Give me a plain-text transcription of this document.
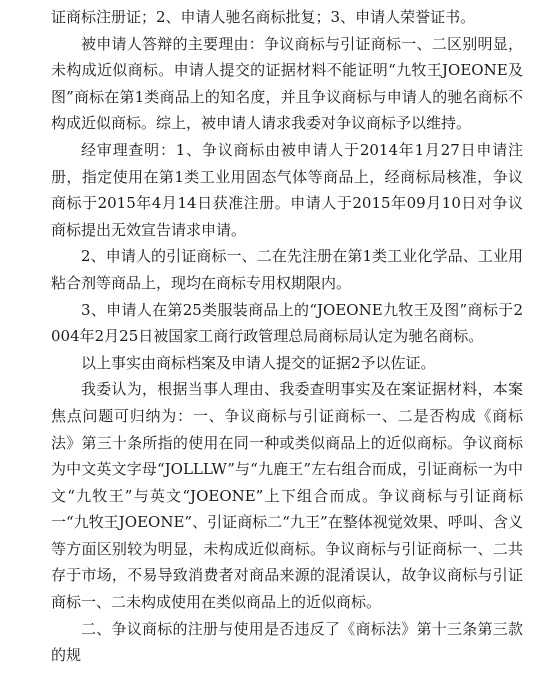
证商标注册证；2、申请人驰名商标批复；3、申请人荣誉证书。

被申请人答辩的主要理由：争议商标与引证商标一、二区别明显，未构成近似商标。申请人提交的证据材料不能证明“九牧王JOEONE及图”商标在第1类商品上的知名度，并且争议商标与申请人的驰名商标不构成近似商标。综上，被申请人请求我委对争议商标予以维持。

经审理查明：1、争议商标由被申请人于2014年1月27日申请注册，指定使用在第1类工业用固态气体等商品上，经商标局核准，争议商标于2015年4月14日获准注册。申请人于2015年09月10日对争议商标提出无效宣告请求申请。

2、申请人的引证商标一、二在先注册在第1类工业化学品、工业用粘合剂等商品上，现均在商标专用权期限内。

3、申请人在第25类服装商品上的“JOEONE九牧王及图”商标于2004年2月25日被国家工商行政管理总局商标局认定为驰名商标。

以上事实由商标档案及申请人提交的证据2予以佐证。

我委认为，根据当事人理由、我委查明事实及在案证据材料，本案焦点问题可归纳为：一、争议商标与引证商标一、二是否构成《商标法》第三十条所指的使用在同一种或类似商品上的近似商标。争议商标为中文英文字母“JOLLLW”与“九鹿王”左右组合而成，引证商标一为中文“九牧王”与英文“JOEONE”上下组合而成。争议商标与引证商标一“九牧王JOEONE”、引证商标二“九王”在整体视觉效果、呼叫、含义等方面区别较为明显，未构成近似商标。争议商标与引证商标一、二共存于市场，不易导致消费者对商品来源的混淆误认，故争议商标与引证商标一、二未构成使用在类似商品上的近似商标。

二、争议商标的注册与使用是否违反了《商标法》第十三条第三款的规
